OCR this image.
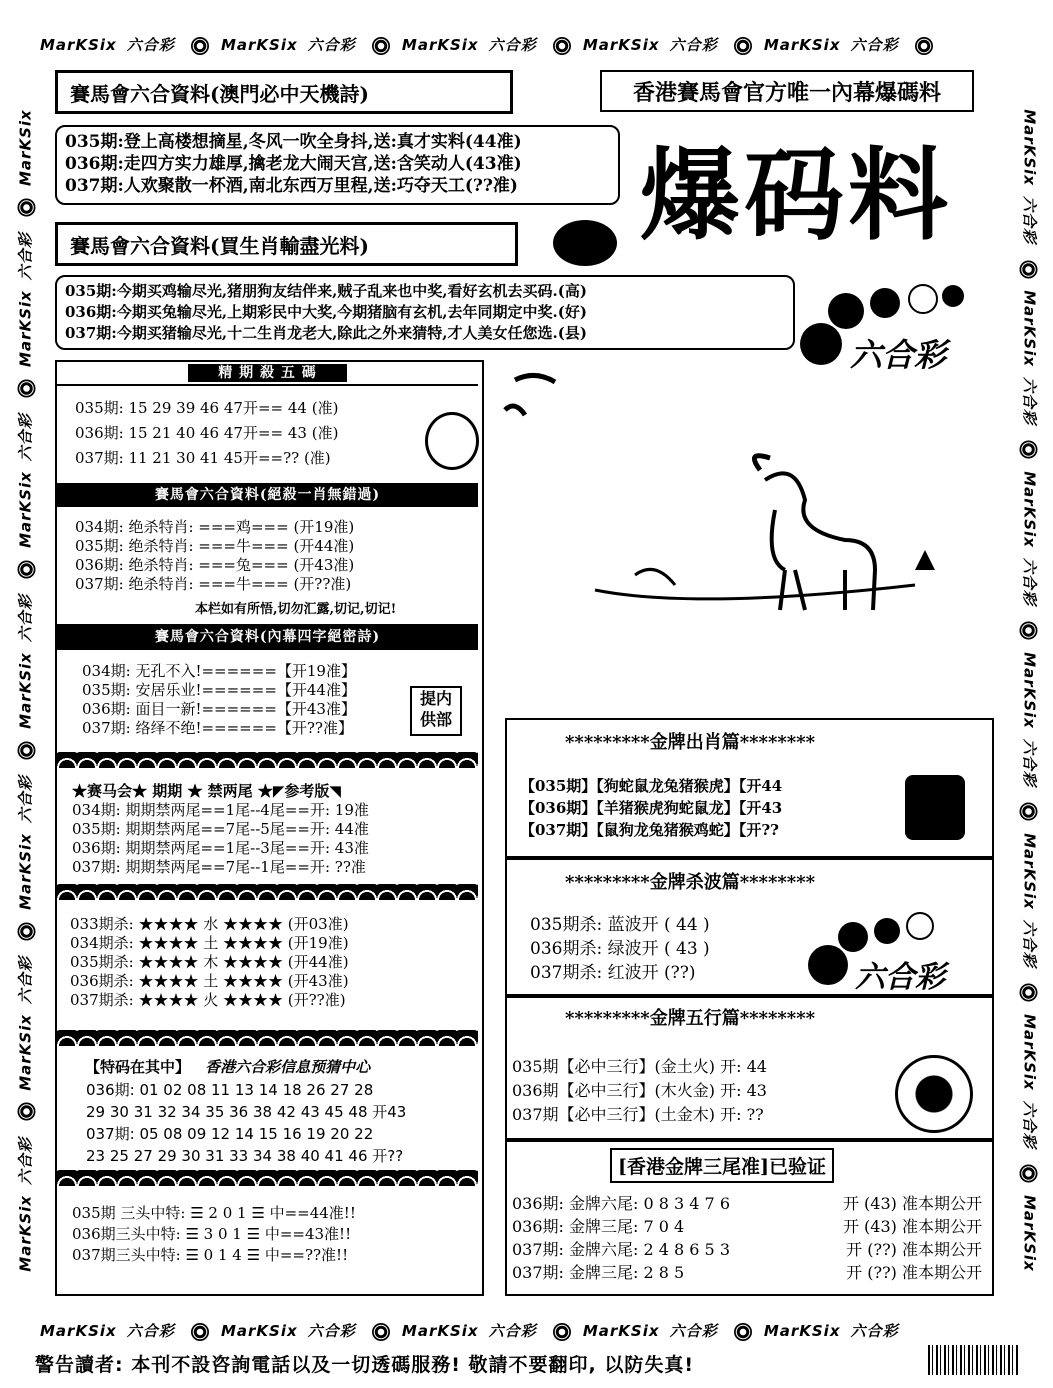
MarKSix 六合彩	MarKSix 六合彩	MarKSix 六合彩	MarKSix 六合彩	MarKSix 六合彩
MarKSix 六合彩	MarKSix 六合彩	MarKSix 六合彩	MarKSix 六合彩	MarKSix 六合彩
MarKSix六合彩 MarKSix六合彩 MarKSix六合彩 MarKSix六合彩 MarKSix六合彩 MarKSix六合彩 MarKSix	MarKSix六合彩 MarKSix六合彩 MarKSix六合彩 MarKSix六合彩 MarKSix六合彩 MarKSix六合彩 MarKSix
賽馬會六合資料(澳門必中天機詩)	香港賽馬會官方唯一內幕爆碼料
035期:登上高楼想摘星,冬风一吹全身抖,送:真才实料(44准)
036期:走四方实力雄厚,擒老龙大闹天宫,送:含笑动人(43准)
037期:人欢聚散一杯酒,南北东西万里程,送:巧夺天工(??准)	爆码料
賽馬會六合資料(買生肖輸盡光料)
035期:今期买鸡输尽光,猪朋狗友结伴来,贼子乱来也中奖,看好玄机去买码.(高)
036期:今期买兔输尽光,上期彩民中大奖,今期猪脑有玄机,去年同期定中奖.(好)
037期:今期买猪输尽光,十二生肖龙老大,除此之外来猜特,才人美女任您选.(县)
六合彩
精 期 殺 五 碼
035期: 15 29 39 46 47开== 44 (准)
036期: 15 21 40 46 47开== 43 (准)
037期: 11 21 30 41 45开==?? (准)
賽馬會六合資料(絕殺一肖無錯過)
034期: 绝杀特肖: ===鸡=== (开19准)
035期: 绝杀特肖: ===牛=== (开44准)
036期: 绝杀特肖: ===兔=== (开43准)
037期: 绝杀特肖: ===牛=== (开??准)
本栏如有所悟,切勿汇露,切记,切记!
賽馬會六合資料(內幕四字絕密詩)
034期: 无孔不入!======【开19准】
035期: 安居乐业!======【开44准】
036期: 面目一新!======【开43准】
037期: 络绎不绝!======【开??准】
提内
供部
★赛马会★ 期期 ★ 禁两尾 ★◤参考版◥
034期: 期期禁两尾==1尾--4尾==开: 19准
035期: 期期禁两尾==7尾--5尾==开: 44准
036期: 期期禁两尾==1尾--3尾==开: 43准
037期: 期期禁两尾==7尾--1尾==开: ??准
033期杀: ★★★★ 水 ★★★★ (开03准)
034期杀: ★★★★ 土 ★★★★ (开19准)
035期杀: ★★★★ 木 ★★★★ (开44准)
036期杀: ★★★★ 土 ★★★★ (开43准)
037期杀: ★★★★ 火 ★★★★ (开??准)
【特码在其中】 香港六合彩信息预猜中心
036期: 01 02 08 11 13 14 18 26 27 28
29 30 31 32 34 35 36 38 42 43 45 48 开43
037期: 05 08 09 12 14 15 16 19 20 22
23 25 27 29 30 31 33 34 38 40 41 46 开??
035期 三头中特: ☰ 2 0 1 ☰ 中==44准!!
036期三头中特: ☰ 3 0 1 ☰ 中==43准!!
037期三头中特: ☰ 0 1 4 ☰ 中==??准!!
*********金牌出肖篇********
【035期】【狗蛇鼠龙兔猪猴虎】【开44
【036期】【羊猪猴虎狗蛇鼠龙】【开43
【037期】【鼠狗龙兔猪猴鸡蛇】【开??
*********金牌杀波篇********
035期杀: 蓝波开 ( 44 )
036期杀: 绿波开 ( 43 )
037期杀: 红波开 (??)	六合彩
*********金牌五行篇********
035期【必中三行】(金土火) 开: 44
036期【必中三行】(木火金) 开: 43
037期【必中三行】(土金木) 开: ??
[香港金牌三尾准]已验证
036期: 金牌六尾: 0 8 3 4 7 6	开 (43) 准本期公开
036期: 金牌三尾: 7 0 4	开 (43) 准本期公开
037期: 金牌六尾: 2 4 8 6 5 3	开 (??) 准本期公开
037期: 金牌三尾: 2 8 5	开 (??) 准本期公开
警告讀者: 本刊不設咨詢電話以及一切透碼服務! 敬請不要翻印, 以防失真!
